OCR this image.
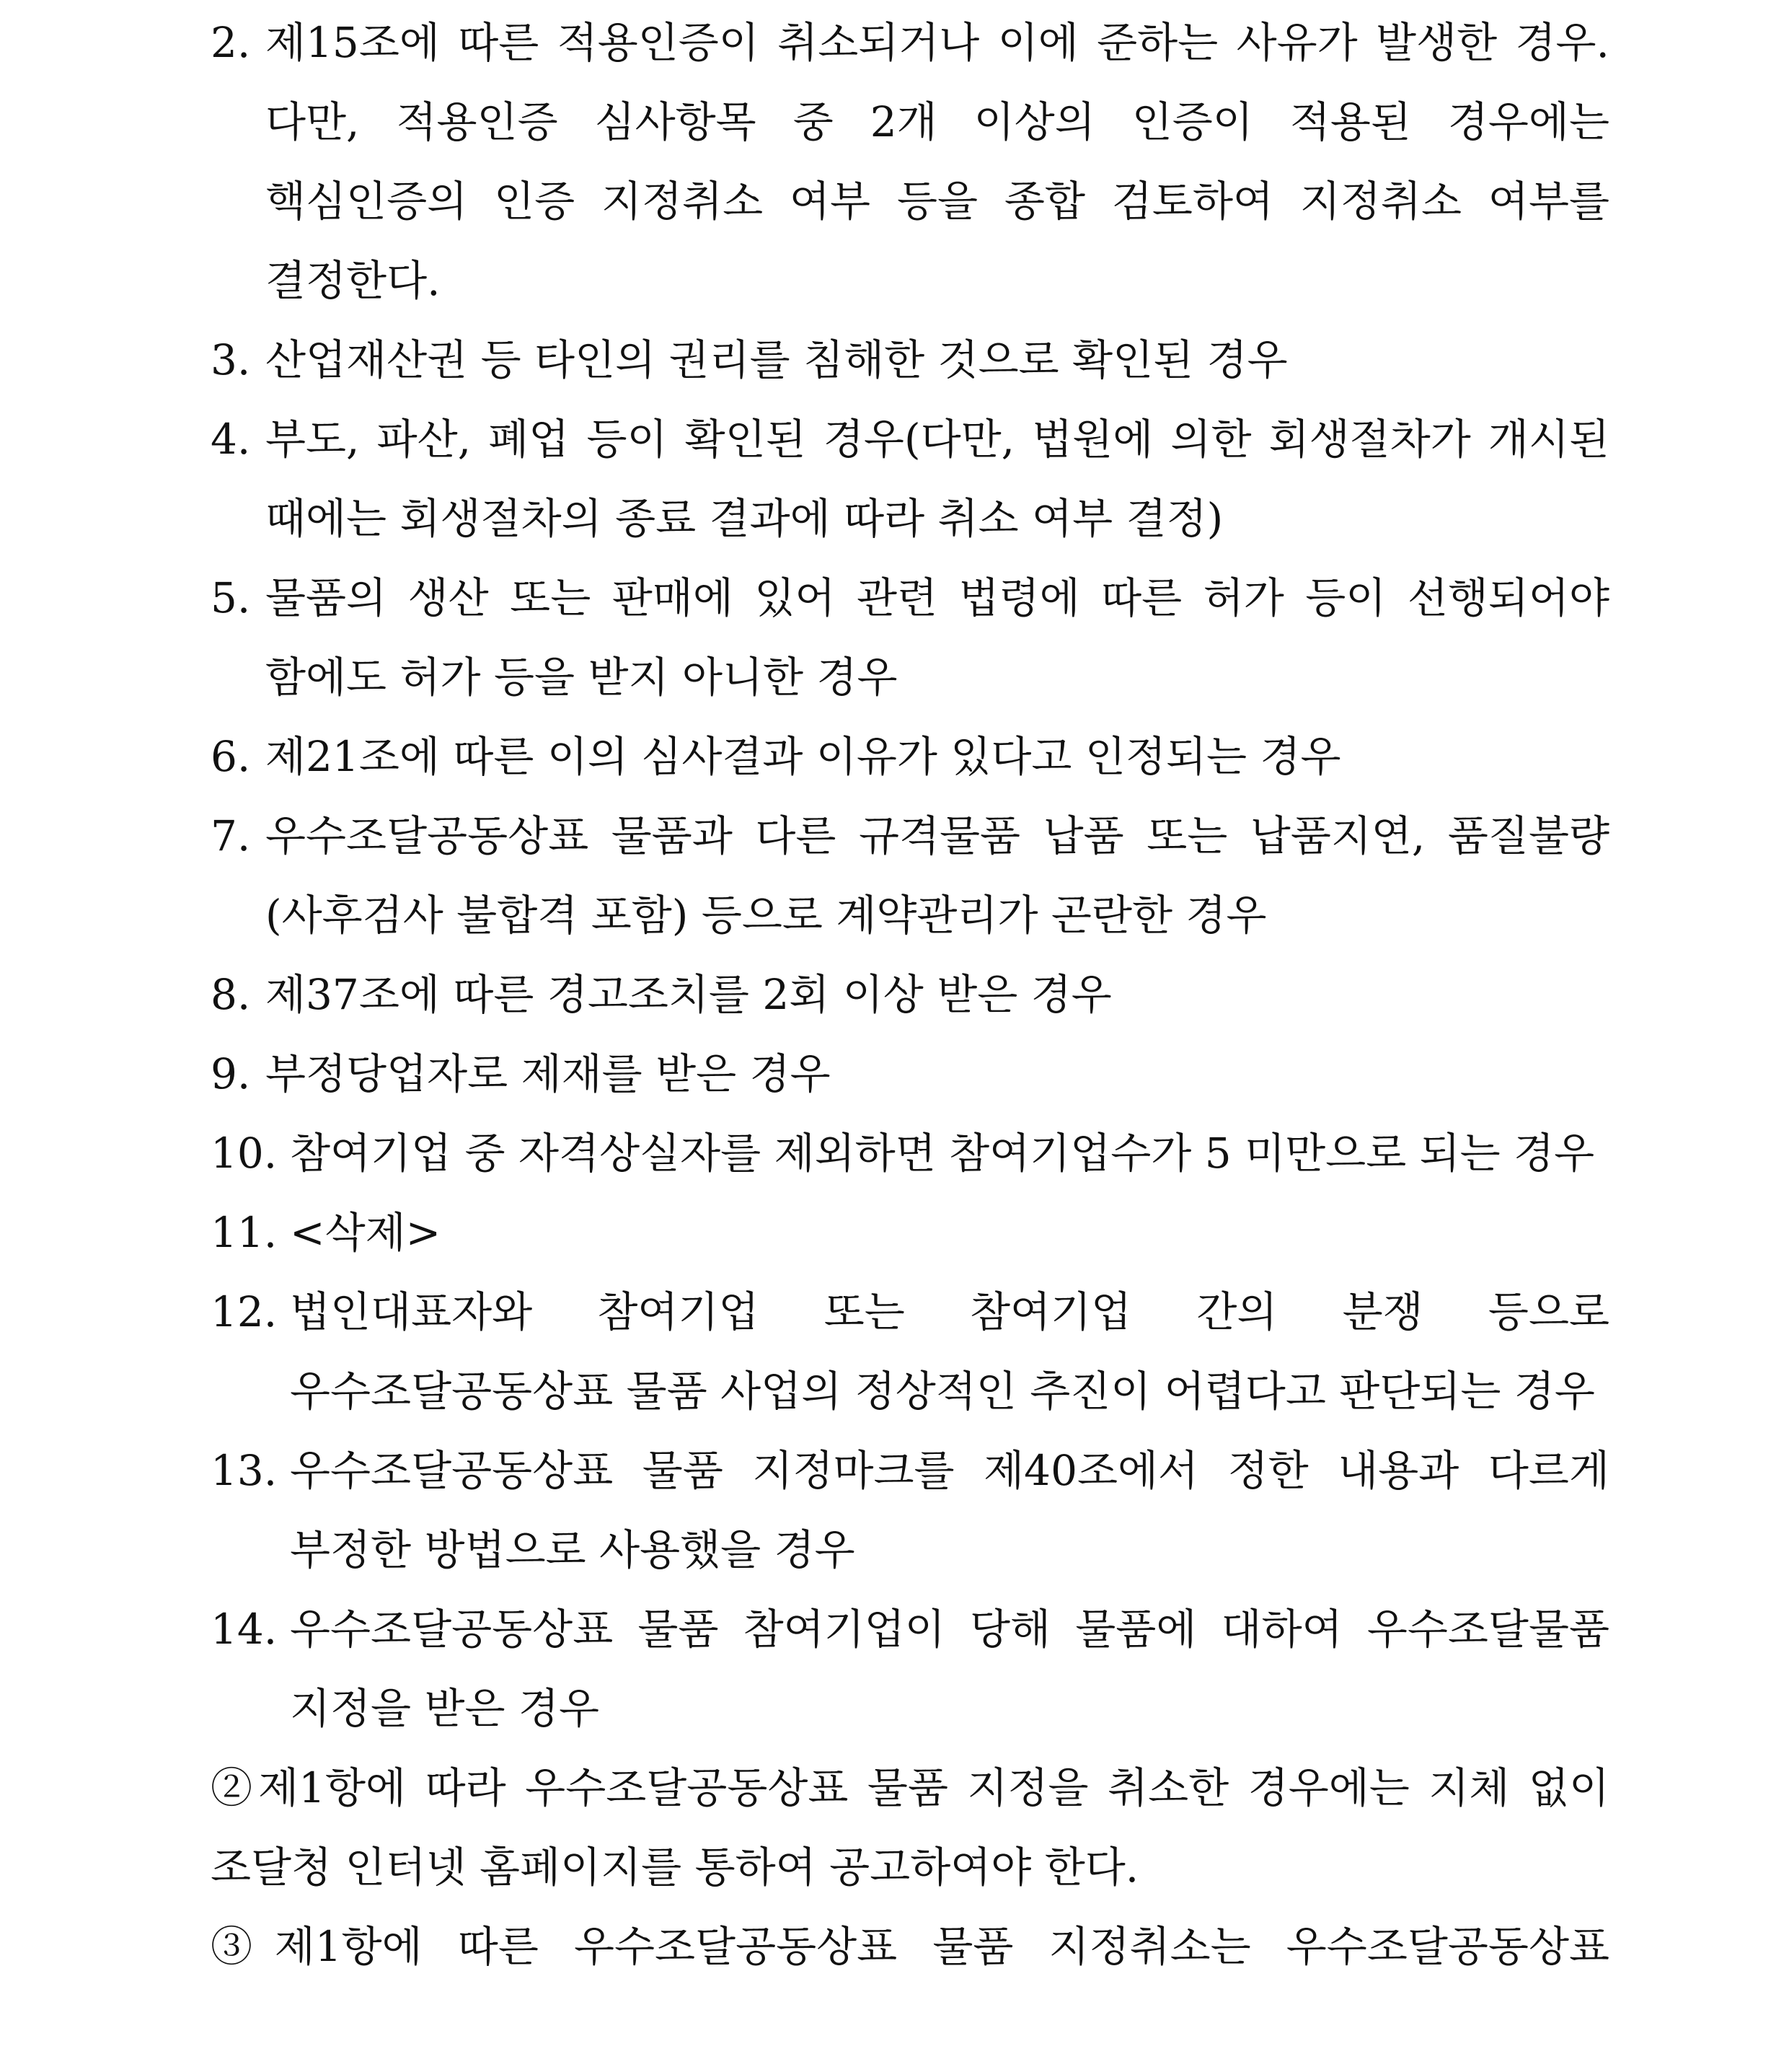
2. 제15조에 따른 적용인증이 취소되거나 이에 준하는 사유가 발생한 경우. 다만, 적용인증 심사항목 중 2개 이상의 인증이 적용된 경우에는 핵심인증의 인증 지정취소 여부 등을 종합 검토하여 지정취소 여부를 결정한다.
3. 산업재산권 등 타인의 권리를 침해한 것으로 확인된 경우
4. 부도, 파산, 폐업 등이 확인된 경우(다만, 법원에 의한 회생절차가 개시된 때에는 회생절차의 종료 결과에 따라 취소 여부 결정)
5. 물품의 생산 또는 판매에 있어 관련 법령에 따른 허가 등이 선행되어야 함에도 허가 등을 받지 아니한 경우
6. 제21조에 따른 이의 심사결과 이유가 있다고 인정되는 경우
7. 우수조달공동상표 물품과 다른 규격물품 납품 또는 납품지연, 품질불량(사후검사 불합격 포함) 등으로 계약관리가 곤란한 경우
8. 제37조에 따른 경고조치를 2회 이상 받은 경우
9. 부정당업자로 제재를 받은 경우
10. 참여기업 중 자격상실자를 제외하면 참여기업수가 5 미만으로 되는 경우
11. <삭제>
12. 법인대표자와 참여기업 또는 참여기업 간의 분쟁 등으로 우수조달공동상표 물품 사업의 정상적인 추진이 어렵다고 판단되는 경우
13. 우수조달공동상표 물품 지정마크를 제40조에서 정한 내용과 다르게 부정한 방법으로 사용했을 경우
14. 우수조달공동상표 물품 참여기업이 당해 물품에 대하여 우수조달물품 지정을 받은 경우
②제1항에 따라 우수조달공동상표 물품 지정을 취소한 경우에는 지체 없이 조달청 인터넷 홈페이지를 통하여 공고하여야 한다.
③제1항에 따른 우수조달공동상표 물품 지정취소는 우수조달공동상표
